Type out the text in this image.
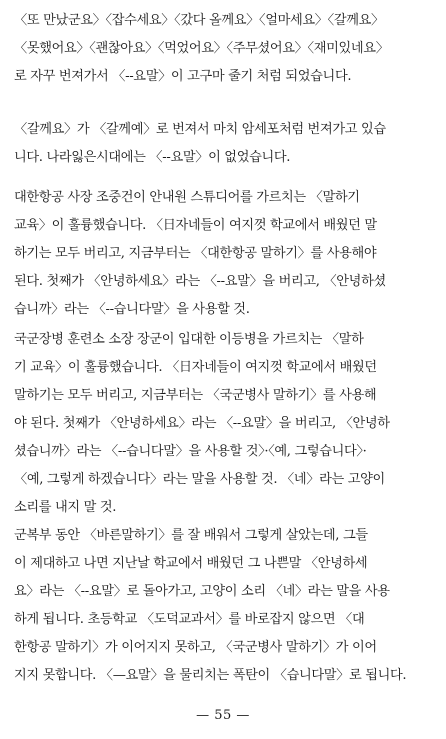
〈또 만났군요〉〈잡수세요〉〈갔다 올께요〉〈얼마세요〉〈갈께요〉
〈못했어요〉〈괜찮아요〉〈먹었어요〉〈주무셨어요〉〈재미있네요〉
로 자꾸 번져가서 〈--요말〉이 고구마 줄기 처럼 되었습니다.

〈갈께요〉가 〈갈께예〉로 번져서 마치 암세포처럼 번져가고 있습
니다. 나라잃은시대에는 〈--요말〉이 없었습니다.

대한항공 사장 조중건이 안내원 스튜디어를 가르치는 〈말하기
교육〉이 훌륭했습니다. 〈日자네들이 여지껏 학교에서 배웠던 말
하기는 모두 버리고, 지금부터는 〈대한항공 말하기〉를 사용해야
된다. 첫째가 〈안녕하세요〉라는 〈--요말〉을 버리고, 〈안녕하셨
습니까〉라는 〈--습니다말〉을 사용할 것.

국군장병 훈련소 소장 장군이 입대한 이등병을 가르치는 〈말하
기 교육〉이 훌륭했습니다. 〈日자네들이 여지껏 학교에서 배웠던
말하기는 모두 버리고, 지금부터는 〈국군병사 말하기〉를 사용해
야 된다. 첫째가 〈안녕하세요〉라는 〈--요말〉을 버리고, 〈안녕하
셨습니까〉라는 〈--습니다말〉을 사용할 것〉·〈예, 그렇습니다〉·
〈예, 그렇게 하겠습니다〉라는 말을 사용할 것. 〈네〉라는 고양이
소리를 내지 말 것.

군복부 동안 〈바른말하기〉를 잘 배워서 그렇게 살았는데, 그들
이 제대하고 나면 지난날 학교에서 배웠던 그 나쁜말 〈안녕하세
요〉라는 〈--요말〉로 돌아가고, 고양이 소리 〈네〉라는 말을 사용
하게 됩니다. 초등학교 〈도덕교과서〉를 바로잡지 않으면 〈대
한항공 말하기〉가 이어지지 못하고, 〈국군병사 말하기〉가 이어
지지 못합니다. 〈—요말〉을 물리치는 폭탄이 〈습니다말〉로 됩니다.

— 55 —
